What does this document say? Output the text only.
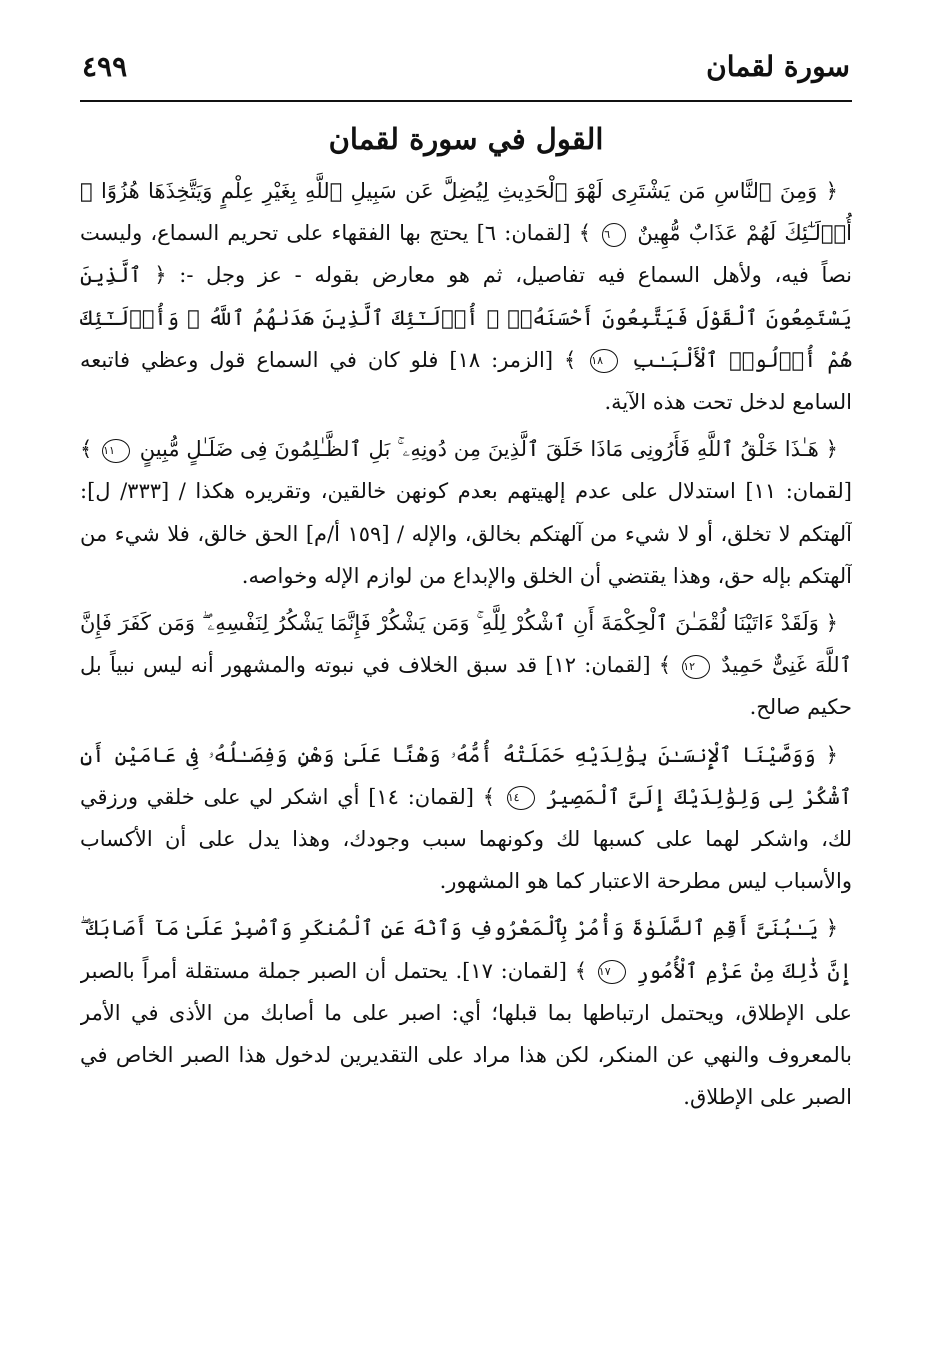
سورة لقمان
٤٩٩
القول في سورة لقمان

﴿ وَمِنَ ٱلنَّاسِ مَن يَشْتَرِى لَهْوَ ٱلْحَدِيثِ لِيُضِلَّ عَن سَبِيلِ ٱللَّهِ بِغَيْرِ عِلْمٍ وَيَتَّخِذَهَا هُزُوًا ۚ أُو۟لَـٰٓئِكَ لَهُمْ عَذَابٌ مُّهِينٌ ٦ ﴾ [لقمان: ٦] يحتج بها الفقهاء على تحريم السماع، وليست نصاً فيه، ولأهل السماع فيه تفاصيل، ثم هو معارض بقوله - عز وجل -: ﴿ ٱلَّذِينَ يَسْتَمِعُونَ ٱلْقَوْلَ فَيَتَّبِعُونَ أَحْسَنَهُۥٓ ۚ أُو۟لَـٰٓئِكَ ٱلَّذِينَ هَدَىٰهُمُ ٱللَّهُ ۖ وَأُو۟لَـٰٓئِكَ هُمْ أُو۟لُوا۟ ٱلْأَلْبَـٰبِ ١٨ ﴾ [الزمر: ١٨] فلو كان في السماع قول وعظي فاتبعه السامع لدخل تحت هذه الآية.

﴿ هَـٰذَا خَلْقُ ٱللَّهِ فَأَرُونِى مَاذَا خَلَقَ ٱلَّذِينَ مِن دُونِهِۦ ۚ بَلِ ٱلظَّـٰلِمُونَ فِى ضَلَـٰلٍ مُّبِينٍ ١١ ﴾ [لقمان: ١١] استدلال على عدم إلهيتهم بعدم كونهن خالقين، وتقريره هكذا / [٣٣٣/ ل]: آلهتكم لا تخلق، أو لا شيء من آلهتكم بخالق، والإله / [١٥٩ أ/م] الحق خالق، فلا شيء من آلهتكم بإله حق، وهذا يقتضي أن الخلق والإبداع من لوازم الإله وخواصه.

﴿ وَلَقَدْ ءَاتَيْنَا لُقْمَـٰنَ ٱلْحِكْمَةَ أَنِ ٱشْكُرْ لِلَّهِ ۚ وَمَن يَشْكُرْ فَإِنَّمَا يَشْكُرُ لِنَفْسِهِۦ ۖ وَمَن كَفَرَ فَإِنَّ ٱللَّهَ غَنِىٌّ حَمِيدٌ ١٢ ﴾ [لقمان: ١٢] قد سبق الخلاف في نبوته والمشهور أنه ليس نبياً بل حكيم صالح.

﴿ وَوَصَّيْنَا ٱلْإِنسَـٰنَ بِوَٰلِدَيْهِ حَمَلَتْهُ أُمُّهُۥ وَهْنًا عَلَىٰ وَهْنٍ وَفِصَـٰلُهُۥ فِى عَامَيْنِ أَنِ ٱشْكُرْ لِى وَلِوَٰلِدَيْكَ إِلَىَّ ٱلْمَصِيرُ ١٤ ﴾ [لقمان: ١٤] أي اشكر لي على خلقي ورزقي لك، واشكر لهما على كسبها لك وكونهما سبب وجودك، وهذا يدل على أن الأكساب والأسباب ليس مطرحة الاعتبار كما هو المشهور.

﴿ يَـٰبُنَىَّ أَقِمِ ٱلصَّلَوٰةَ وَأْمُرْ بِٱلْمَعْرُوفِ وَٱنْهَ عَنِ ٱلْمُنكَرِ وَٱصْبِرْ عَلَىٰ مَآ أَصَابَكَ ۖ إِنَّ ذَٰلِكَ مِنْ عَزْمِ ٱلْأُمُورِ ١٧ ﴾ [لقمان: ١٧]. يحتمل أن الصبر جملة مستقلة أمراً بالصبر على الإطلاق، ويحتمل ارتباطها بما قبلها؛ أي: اصبر على ما أصابك من الأذى في الأمر بالمعروف والنهي عن المنكر، لكن هذا مراد على التقديرين لدخول هذا الصبر الخاص في الصبر على الإطلاق.
